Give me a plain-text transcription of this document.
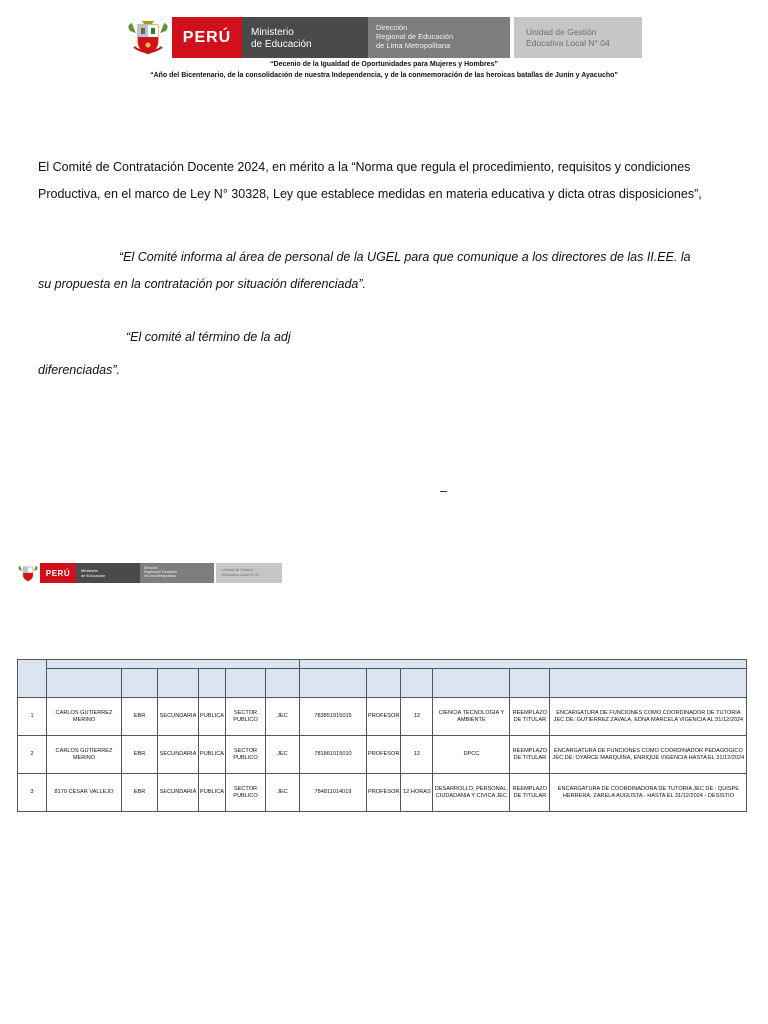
PERÚ	Ministerio
de Educación
Dirección
Regional de Educación
de Lima Metropolitana
Unidad de Gestión
Educativa Local N° 04
“Decenio de la Igualdad de Oportunidades para Mujeres y Hombres”
“Año del Bicentenario, de la consolidación de nuestra Independencia, y de la conmemoración de las heroicas batallas de Junín y Ayacucho”
El Comité de Contratación Docente 2024, en mérito a la “Norma que regula el procedimiento, requisitos y condiciones
Productiva, en el marco de Ley N° 30328, Ley que establece medidas en materia educativa y dicta otras disposiciones”,
“El Comité informa al área de personal de la UGEL para que comunique a los directores de las II.EE. la
su propuesta en la contratación por situación diferenciada”.
“El comité al término de la adj
diferenciadas”.
–
PERÚ	Ministerio
de Educación
Dirección
Regional de Educación
de Lima Metropolitana
Unidad de Gestión
Educativa Local N° 04

1	CARLOS GUTIERREZ MERINO	EBR	SECUNDARIA	PUBLICA	SECTOR PUBLICO	JEC	783851915015	PROFESOR	12	CIENCIA TECNOLOGIA Y AMBIENTE	REEMPLAZO DE TITULAR	ENCARGATURA DE FUNCIONES COMO COORDINADOR DE TUTORIA JEC DE: GUTIERREZ ZAVALA, EDNA MARCELA VIGENCIA AL 31/12/2024
2	CARLOS GUTIERREZ MERINO	EBR	SECUNDARIA	PUBLICA	SECTOR PUBLICO	JEC	781861015010	PROFESOR	12	DPCC	REEMPLAZO DE TITULAR	ENCARGATURA DE FUNCIONES COMO COORDINADOR PEDAGOGICO JEC DE: OYARCE MARQUINA, ENRIQUE VIGENCIA HASTA EL 31/12/2024
3	8170 CESAR VALLEJO	EBR	SECUNDARIA	PUBLICA	SECTOR PUBLICO	JEC	784811014019	PROFESOR	12 HORAS	DESARROLLO, PERSONAL, CIUDADANIA Y CIVICA JEC	REEMPLAZO DE TITULAR	ENCARGATURA DE COORDINADORA DE TUTORIA JEC DE : QUISPE HERRERA, ZARELA AUGUSTA - HASTA EL 31/12/2024 - DESISTIO
